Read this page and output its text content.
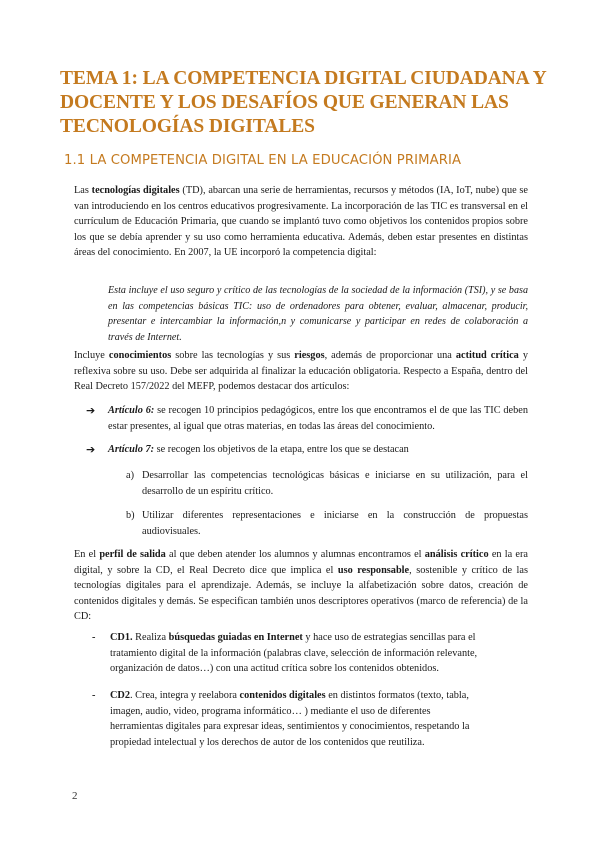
TEMA 1: LA COMPETENCIA DIGITAL CIUDADANA Y DOCENTE Y LOS DESAFÍOS QUE GENERAN LAS TECNOLOGÍAS DIGITALES
1.1 LA COMPETENCIA DIGITAL EN LA EDUCACIÓN PRIMARIA
Las tecnologías digitales (TD), abarcan una serie de herramientas, recursos y métodos (IA, IoT, nube) que se van introduciendo en los centros educativos progresivamente. La incorporación de las TIC es transversal en el currículum de Educación Primaria, que cuando se implantó tuvo como objetivos los contenidos propios sobre los que se debía aprender y su uso como herramienta educativa. Además, deben estar presentes en distintas áreas del conocimiento. En 2007, la UE incorporó la competencia digital:
Esta incluye el uso seguro y crítico de las tecnologías de la sociedad de la información (TSI), y se basa en las competencias básicas TIC: uso de ordenadores para obtener, evaluar, almacenar, producir, presentar e intercambiar la información,n y comunicarse y participar en redes de colaboración a través de Internet.
Incluye conocimientos sobre las tecnologías y sus riesgos, además de proporcionar una actitud crítica y reflexiva sobre su uso. Debe ser adquirida al finalizar la educación obligatoria. Respecto a España, dentro del Real Decreto 157/2022 del MEFP, podemos destacar dos artículos:
➔ Artículo 6: se recogen 10 principios pedagógicos, entre los que encontramos el de que las TIC deben estar presentes, al igual que otras materias, en todas las áreas del conocimiento.
➔ Artículo 7: se recogen los objetivos de la etapa, entre los que se destacan
a) Desarrollar las competencias tecnológicas básicas e iniciarse en su utilización, para el desarrollo de un espíritu crítico.
b) Utilizar diferentes representaciones e iniciarse en la construcción de propuestas audiovisuales.
En el perfil de salida al que deben atender los alumnos y alumnas encontramos el análisis crítico en la era digital, y sobre la CD, el Real Decreto dice que implica el uso responsable, sostenible y crítico de las tecnologías digitales para el aprendizaje. Además, se incluye la alfabetización sobre datos, creación de contenidos digitales y demás. Se especifican también unos descriptores operativos (marco de referencia) de la CD:
- CD1. Realiza búsquedas guiadas en Internet y hace uso de estrategias sencillas para el tratamiento digital de la información (palabras clave, selección de información relevante, organización de datos…) con una actitud crítica sobre los contenidos obtenidos.
- CD2. Crea, integra y reelabora contenidos digitales en distintos formatos (texto, tabla, imagen, audio, video, programa informático… ) mediante el uso de diferentes herramientas digitales para expresar ideas, sentimientos y conocimientos, respetando la propiedad intelectual y los derechos de autor de los contenidos que reutiliza.
2
